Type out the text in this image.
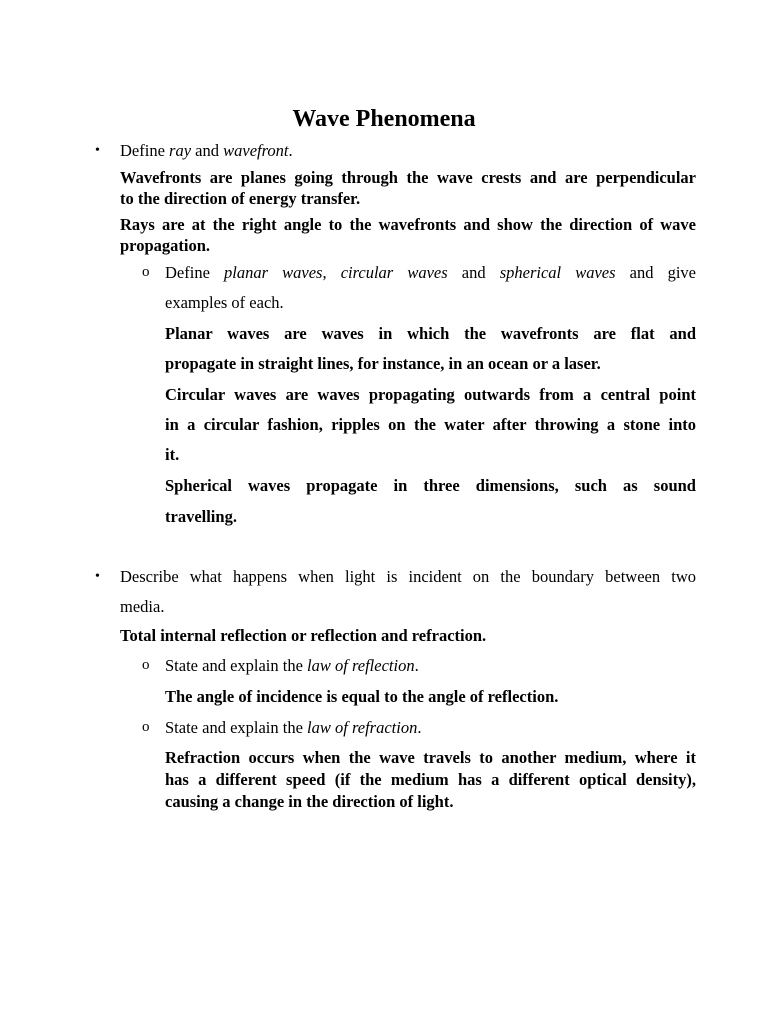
Wave Phenomena
• Define ray and wavefront.
Wavefronts are planes going through the wave crests and are perpendicular
to the direction of energy transfer.
Rays are at the right angle to the wavefronts and show the direction of wave
propagation.
o Define planar waves, circular waves and spherical waves and give
examples of each.
Planar waves are waves in which the wavefronts are flat and
propagate in straight lines, for instance, in an ocean or a laser.
Circular waves are waves propagating outwards from a central point
in a circular fashion, ripples on the water after throwing a stone into
it.
Spherical waves propagate in three dimensions, such as sound
travelling.
• Describe what happens when light is incident on the boundary between two
media.
Total internal reflection or reflection and refraction.
o State and explain the law of reflection.
The angle of incidence is equal to the angle of reflection.
o State and explain the law of refraction.
Refraction occurs when the wave travels to another medium, where it
has a different speed (if the medium has a different optical density),
causing a change in the direction of light.
